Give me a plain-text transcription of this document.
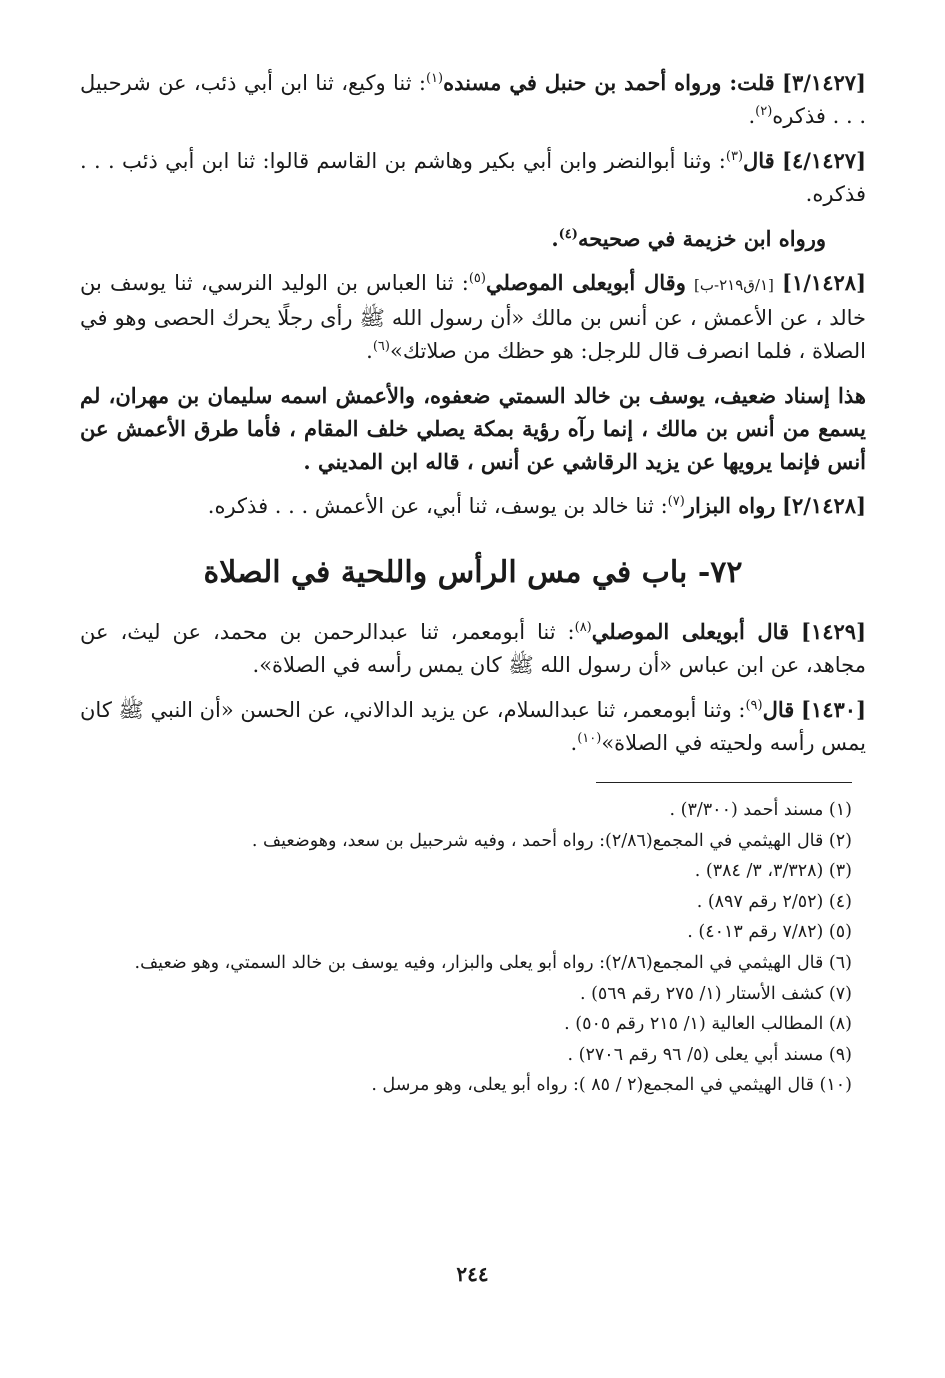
[٣/١٤٢٧] قلت: ورواه أحمد بن حنبل في مسنده$^{(١)}$: ثنا وكيع، ثنا ابن أبي ذئب، عن شرحبيل . . . فذكره$^{(٢)}$.

[٤/١٤٢٧] قال$^{(٣)}$: وثنا أبوالنضر وابن أبي بكير وهاشم بن القاسم قالوا: ثنا ابن أبي ذئب . . . فذكره.

ورواه ابن خزيمة في صحيحه$^{(٤)}$.

[١/١٤٢٨] [١/ق٢١٩-ب] وقال أبويعلى الموصلي$^{(٥)}$: ثنا العباس بن الوليد النرسي، ثنا يوسف بن خالد ، عن الأعمش ، عن أنس بن مالك «أن رسول الله ﷺ رأى رجلًا يحرك الحصى وهو في الصلاة ، فلما انصرف قال للرجل: هو حظك من صلاتك»$^{(٦)}$.

هذا إسناد ضعيف، يوسف بن خالد السمتي ضعفوه، والأعمش اسمه سليمان بن مهران، لم يسمع من أنس بن مالك ، إنما رآه رؤية بمكة يصلي خلف المقام ، فأما طرق الأعمش عن أنس فإنما يرويها عن يزيد الرقاشي عن أنس ، قاله ابن المديني .

[٢/١٤٢٨] رواه البزار$^{(٧)}$: ثنا خالد بن يوسف، ثنا أبي، عن الأعمش . . . فذكره.

٧٢- باب في مس الرأس واللحية في الصلاة

[١٤٢٩] قال أبويعلى الموصلي$^{(٨)}$: ثنا أبومعمر، ثنا عبدالرحمن بن محمد، عن ليث، عن مجاهد، عن ابن عباس «أن رسول الله ﷺ كان يمس رأسه في الصلاة».

[١٤٣٠] قال$^{(٩)}$: وثنا أبومعمر، ثنا عبدالسلام، عن يزيد الدالاني، عن الحسن «أن النبي ﷺ كان يمس رأسه ولحيته في الصلاة»$^{(١٠)}$.

(١) مسند أحمد (٣/٣٠٠) .
(٢) قال الهيثمي في المجمع(٢/٨٦): رواه أحمد ، وفيه شرحبيل بن سعد، وهوضعيف .
(٣) (٣/٣٢٨، ٣/ ٣٨٤) .
(٤) (٢/٥٢ رقم ٨٩٧) .
(٥) (٧/٨٢ رقم ٤٠١٣) .
(٦) قال الهيثمي في المجمع(٢/٨٦): رواه أبو يعلى والبزار، وفيه يوسف بن خالد السمتي، وهو ضعيف.
(٧) كشف الأستار (١/ ٢٧٥ رقم ٥٦٩) .
(٨) المطالب العالية (١/ ٢١٥ رقم ٥٠٥) .
(٩) مسند أبي يعلى (٥/ ٩٦ رقم ٢٧٠٦) .
(١٠) قال الهيثمي في المجمع(٢ / ٨٥ ): رواه أبو يعلى، وهو مرسل .
٢٤٤
